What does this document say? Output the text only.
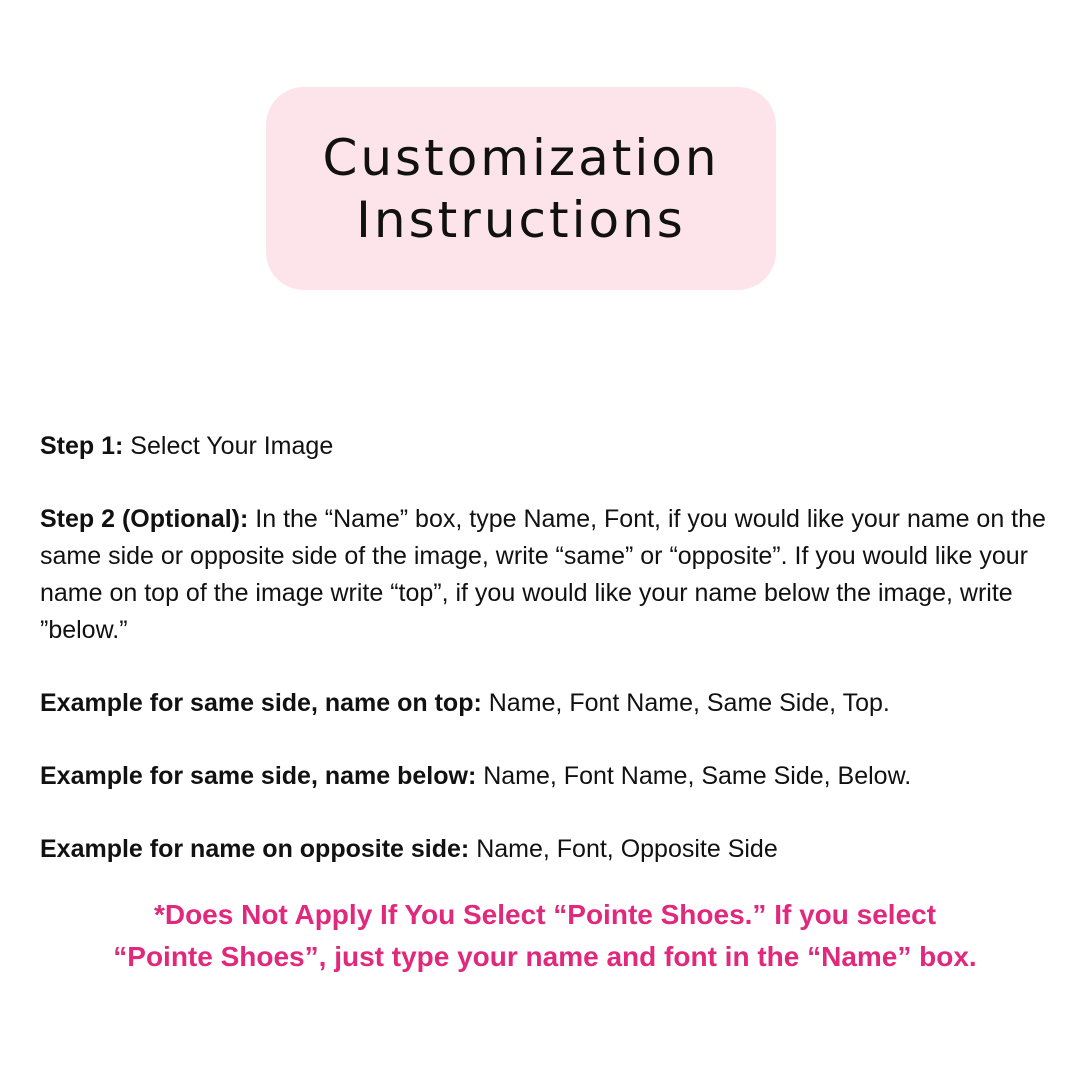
Customization
Instructions
Step 1: Select Your Image
Step 2 (Optional): In the “Name” box, type Name, Font, if you would like your name on the same side or opposite side of the image, write “same” or “opposite”. If you would like your name on top of the image write “top”, if you would like your name below the image, write ”below.”
Example for same side, name on top: Name, Font Name, Same Side, Top.
Example for same side, name below: Name, Font Name, Same Side, Below.
Example for name on opposite side: Name, Font, Opposite Side
*Does Not Apply If You Select “Pointe Shoes.” If you select
“Pointe Shoes”, just type your name and font in the “Name” box.
